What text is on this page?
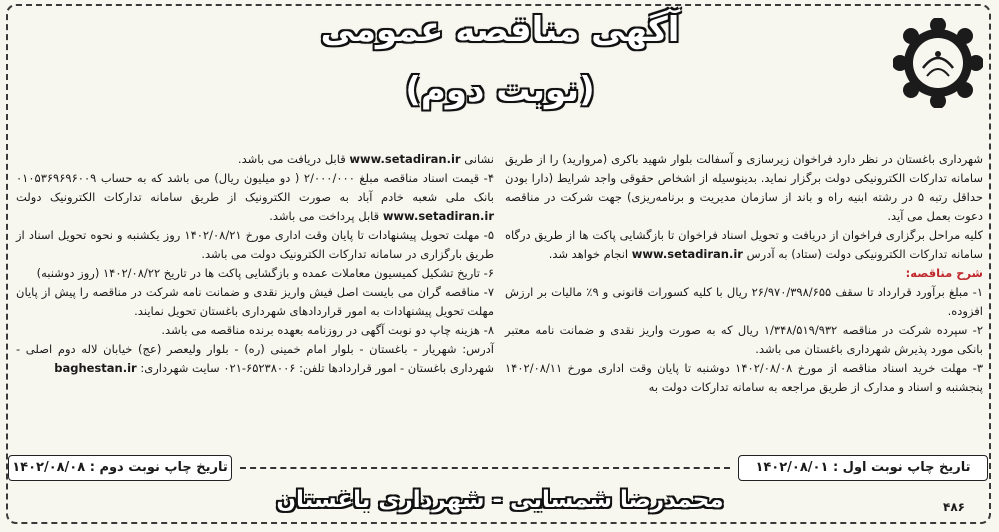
آگهی مناقصه عمومی
(نوبت دوم)

شهرداری باغستان در نظر دارد فراخوان زیرسازی و آسفالت بلوار شهید باکری (مروارید) را از طریق سامانه تدارکات الکترونیکی دولت برگزار نماید. بدینوسیله از اشخاص حقوقی واجد شرایط (دارا بودن حداقل رتبه ۵ در رشته ابنیه راه و باند از سازمان مدیریت و برنامه‌ریزی) جهت شرکت در مناقصه دعوت بعمل می آید.

کلیه مراحل برگزاری فراخوان از دریافت و تحویل اسناد فراخوان تا بازگشایی پاکت ها از طریق درگاه سامانه تدارکات الکترونیکی دولت (ستاد) به آدرس www.setadiran.ir انجام خواهد شد.

شرح مناقصه:

۱- مبلغ برآورد قرارداد تا سقف ۲۶/۹۷۰/۳۹۸/۶۵۵ ریال با کلیه کسورات قانونی و ۹٪ مالیات بر ارزش افزوده.

۲- سپرده شرکت در مناقصه ۱/۳۴۸/۵۱۹/۹۳۲ ریال که به صورت واریز نقدی و ضمانت نامه معتبر بانکی مورد پذیرش شهرداری باغستان می باشد.

۳- مهلت خرید اسناد مناقصه از مورخ ۱۴۰۲/۰۸/۰۸ دوشنبه تا پایان وقت اداری مورخ ۱۴۰۲/۰۸/۱۱ پنجشنبه و اسناد و مدارک از طریق مراجعه به سامانه تدارکات دولت به

نشانی www.setadiran.ir قابل دریافت می باشد.

۴- قیمت اسناد مناقصه مبلغ ۲/۰۰۰/۰۰۰ ( دو میلیون ریال) می باشد که به حساب ۰۱۰۵۳۶۹۶۹۶۰۰۹ بانک ملی شعبه خادم آباد به صورت الکترونیک از طریق سامانه تدارکات الکترونیک دولت www.setadiran.ir قابل پرداخت می باشد.

۵- مهلت تحویل پیشنهادات تا پایان وقت اداری مورخ ۱۴۰۲/۰۸/۲۱ روز یکشنبه و نحوه تحویل اسناد از طریق بارگزاری در سامانه تدارکات الکترونیک دولت می باشد.

۶- تاریخ تشکیل کمیسیون معاملات عمده و بازگشایی پاکت ها در تاریخ ۱۴۰۲/۰۸/۲۲ (روز دوشنبه)

۷- مناقصه گران می بایست اصل فیش واریز نقدی و ضمانت نامه شرکت در مناقصه را پیش از پایان مهلت تحویل پیشنهادات به امور قراردادهای شهرداری باغستان تحویل نمایند.

۸- هزینه چاپ دو نوبت آگهی در روزنامه بعهده برنده مناقصه می باشد.

آدرس: شهریار - باغستان - بلوار امام خمینی (ره) - بلوار ولیعصر (عج) خیابان لاله دوم اصلی - شهرداری باغستان - امور قراردادها تلفن: ۶۵۲۳۸۰۰۶-۰۲۱ سایت شهرداری: baghestan.ir

تاریخ چاپ نوبت اول : ۱۴۰۲/۰۸/۰۱
تاریخ چاپ نوبت دوم : ۱۴۰۲/۰۸/۰۸
محمدرضا شمسایی - شهرداری باغستان	۴۸۶
